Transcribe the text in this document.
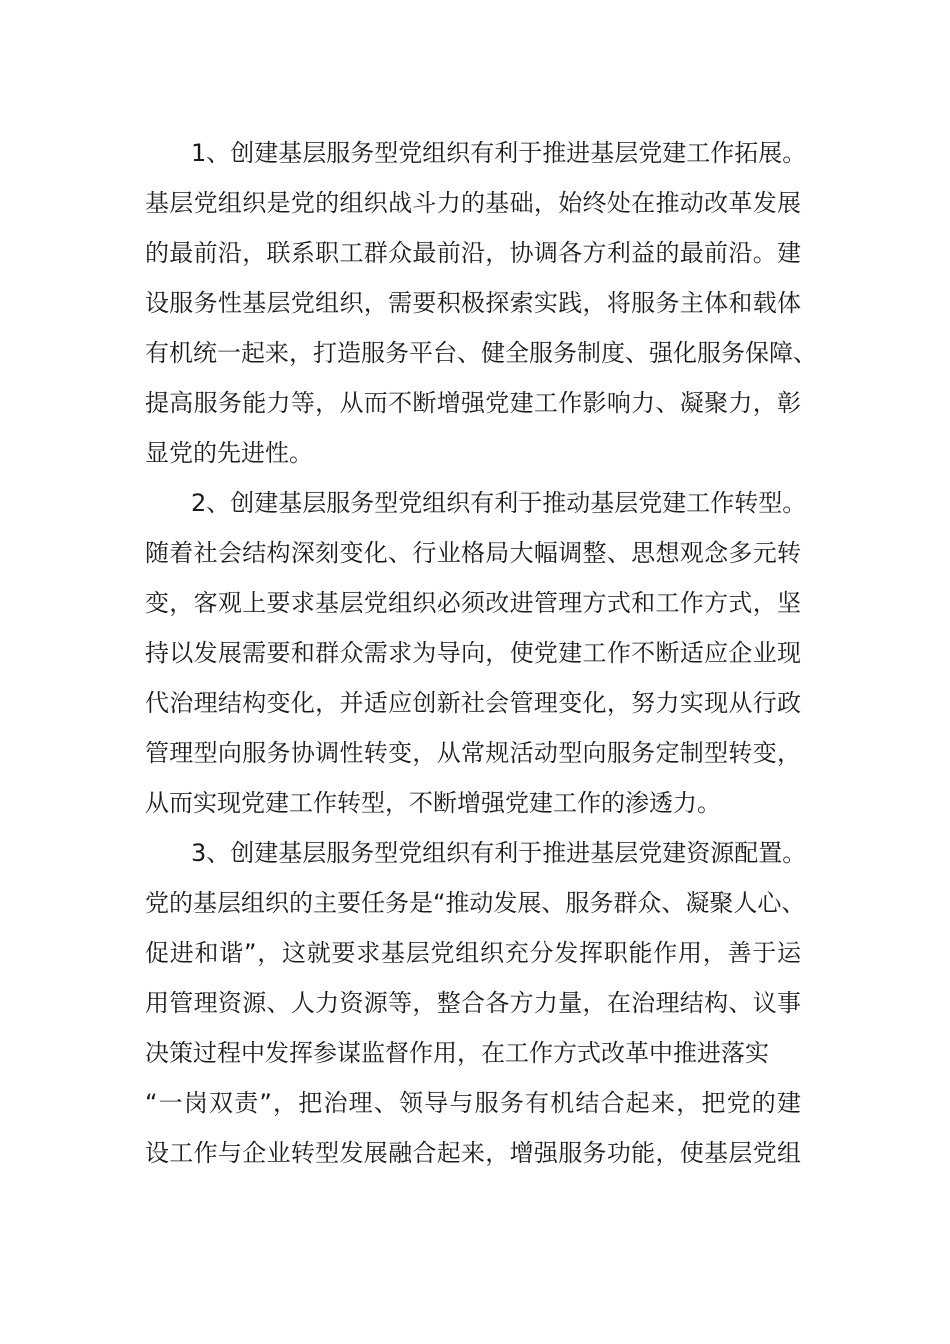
1、创建基层服务型党组织有利于推进基层党建工作拓展。
基层党组织是党的组织战斗力的基础，始终处在推动改革发展
的最前沿，联系职工群众最前沿，协调各方利益的最前沿。建
设服务性基层党组织，需要积极探索实践，将服务主体和载体
有机统一起来，打造服务平台、健全服务制度、强化服务保障、
提高服务能力等，从而不断增强党建工作影响力、凝聚力，彰
显党的先进性。
2、创建基层服务型党组织有利于推动基层党建工作转型。
随着社会结构深刻变化、行业格局大幅调整、思想观念多元转
变，客观上要求基层党组织必须改进管理方式和工作方式，坚
持以发展需要和群众需求为导向，使党建工作不断适应企业现
代治理结构变化，并适应创新社会管理变化，努力实现从行政
管理型向服务协调性转变，从常规活动型向服务定制型转变，
从而实现党建工作转型，不断增强党建工作的渗透力。
3、创建基层服务型党组织有利于推进基层党建资源配置。
党的基层组织的主要任务是“推动发展、服务群众、凝聚人心、
促进和谐”，这就要求基层党组织充分发挥职能作用，善于运
用管理资源、人力资源等，整合各方力量，在治理结构、议事
决策过程中发挥参谋监督作用，在工作方式改革中推进落实
“一岗双责”，把治理、领导与服务有机结合起来，把党的建
设工作与企业转型发展融合起来，增强服务功能，使基层党组
